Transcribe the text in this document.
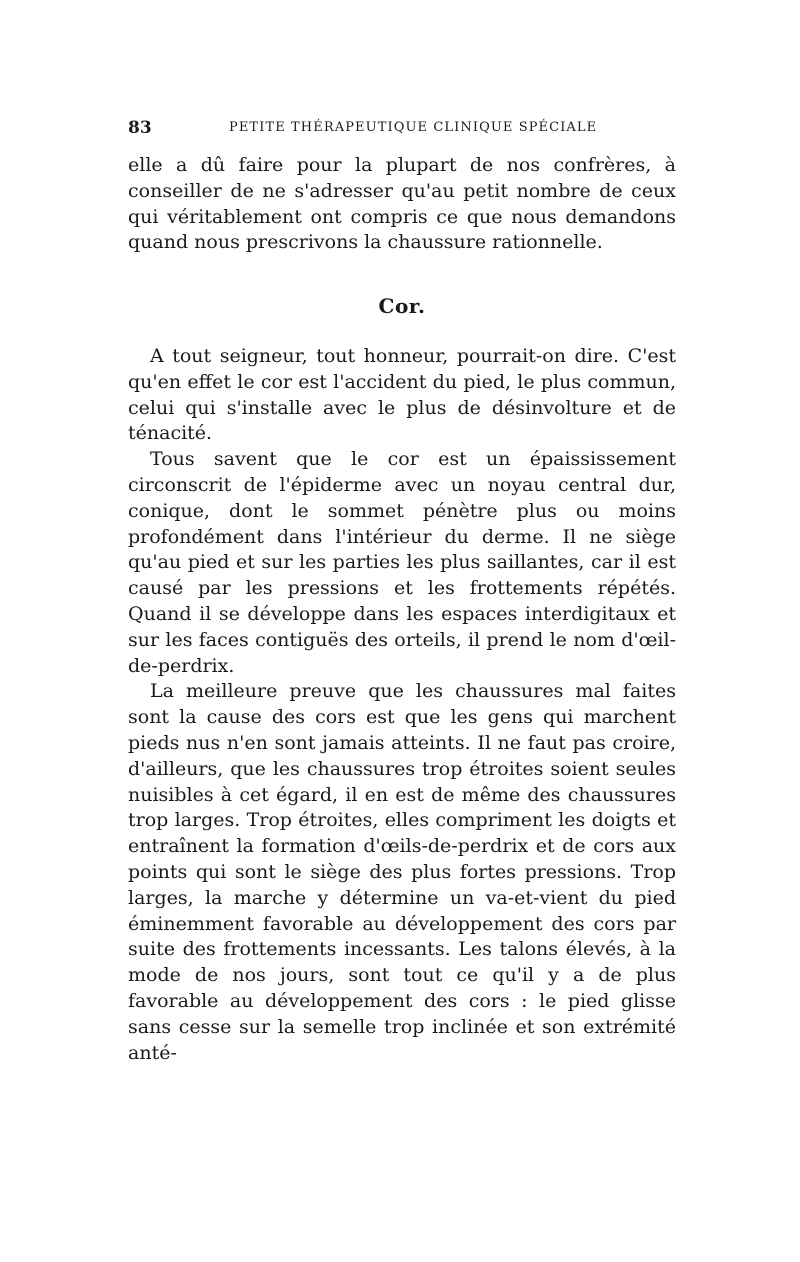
83	PETITE THÉRAPEUTIQUE CLINIQUE SPÉCIALE

elle a dû faire pour la plupart de nos confrères, à conseiller de ne s'adresser qu'au petit nombre de ceux qui véritablement ont compris ce que nous demandons quand nous prescrivons la chaussure rationnelle.

Cor.

A tout seigneur, tout honneur, pourrait-on dire. C'est qu'en effet le cor est l'accident du pied, le plus commun, celui qui s'installe avec le plus de désinvolture et de ténacité.

Tous savent que le cor est un épaississement circonscrit de l'épiderme avec un noyau central dur, conique, dont le sommet pénètre plus ou moins profondément dans l'intérieur du derme. Il ne siège qu'au pied et sur les parties les plus saillantes, car il est causé par les pressions et les frottements répétés. Quand il se développe dans les espaces interdigitaux et sur les faces contiguës des orteils, il prend le nom d'œil-de-perdrix.

La meilleure preuve que les chaussures mal faites sont la cause des cors est que les gens qui marchent pieds nus n'en sont jamais atteints. Il ne faut pas croire, d'ailleurs, que les chaussures trop étroites soient seules nuisibles à cet égard, il en est de même des chaussures trop larges. Trop étroites, elles compriment les doigts et entraînent la formation d'œils-de-perdrix et de cors aux points qui sont le siège des plus fortes pressions. Trop larges, la marche y détermine un va-et-vient du pied éminemment favorable au développement des cors par suite des frottements incessants. Les talons élevés, à la mode de nos jours, sont tout ce qu'il y a de plus favorable au développement des cors : le pied glisse sans cesse sur la semelle trop inclinée et son extrémité anté-
